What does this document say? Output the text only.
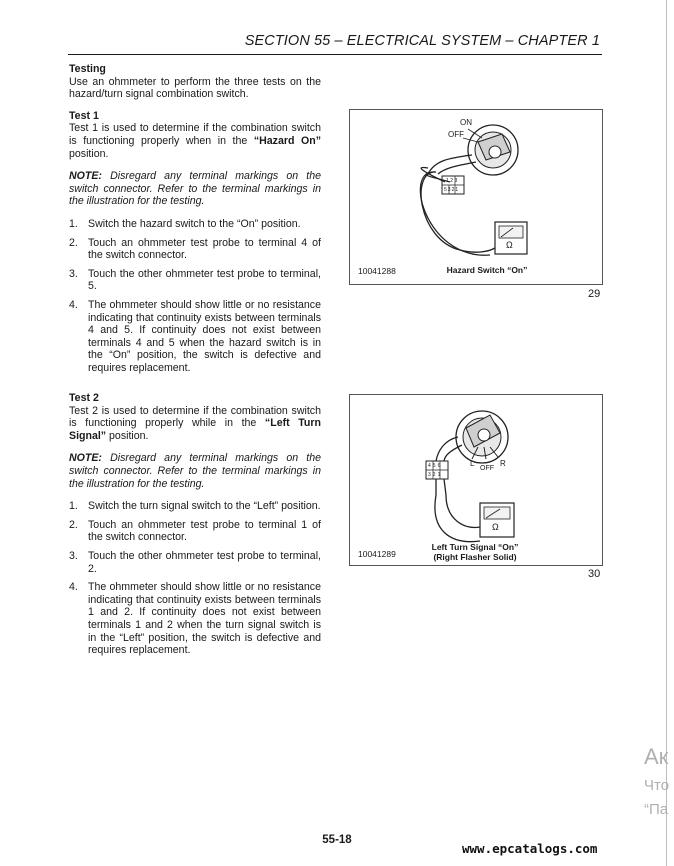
SECTION 55 – ELECTRICAL SYSTEM – CHAPTER 1
Testing

Use an ohmmeter to perform the three tests on the hazard/turn signal combination switch.

Test 1

Test 1 is used to determine if the combination switch is functioning properly when in the “Hazard On” position.

NOTE: Disregard any terminal markings on the switch connector. Refer to the terminal markings in the illustration for the testing.

1. Switch the hazard switch to the “On” position.
2. Touch an ohmmeter test probe to terminal 4 of the switch connector.
3. Touch the other ohmmeter test probe to terminal, 5.
4. The ohmmeter should show little or no resistance indicating that continuity exists between terminals 4 and 5. If continuity does not exist between terminals 4 and 5 when the hazard switch is in the “On” position, the switch is defective and requires replacement.
Test 2

Test 2 is used to determine if the combination switch is functioning properly while in the “Left Turn Signal” position.

NOTE: Disregard any terminal markings on the switch connector. Refer to the terminal markings in the illustration for the testing.

1. Switch the turn signal switch to the “Left” position.
2. Touch an ohmmeter test probe to terminal 1 of the switch connector.
3. Touch the other ohmmeter test probe to terminal, 2.
4. The ohmmeter should show little or no resistance indicating that continuity exists between terminals 1 and 2. If continuity does not exist between terminals 1 and 2 when the turn signal switch is in the “Left” position, the switch is defective and requires replacement.
ON
OFF
123
5321
Ω
10041288	Hazard Switch “On”
29
L
OFF
R
456
321
Ω
10041289
Left Turn Signal “On”
(Right Flasher Solid)
30
Ак
Что
“Па
55-18
www.epcatalogs.com
